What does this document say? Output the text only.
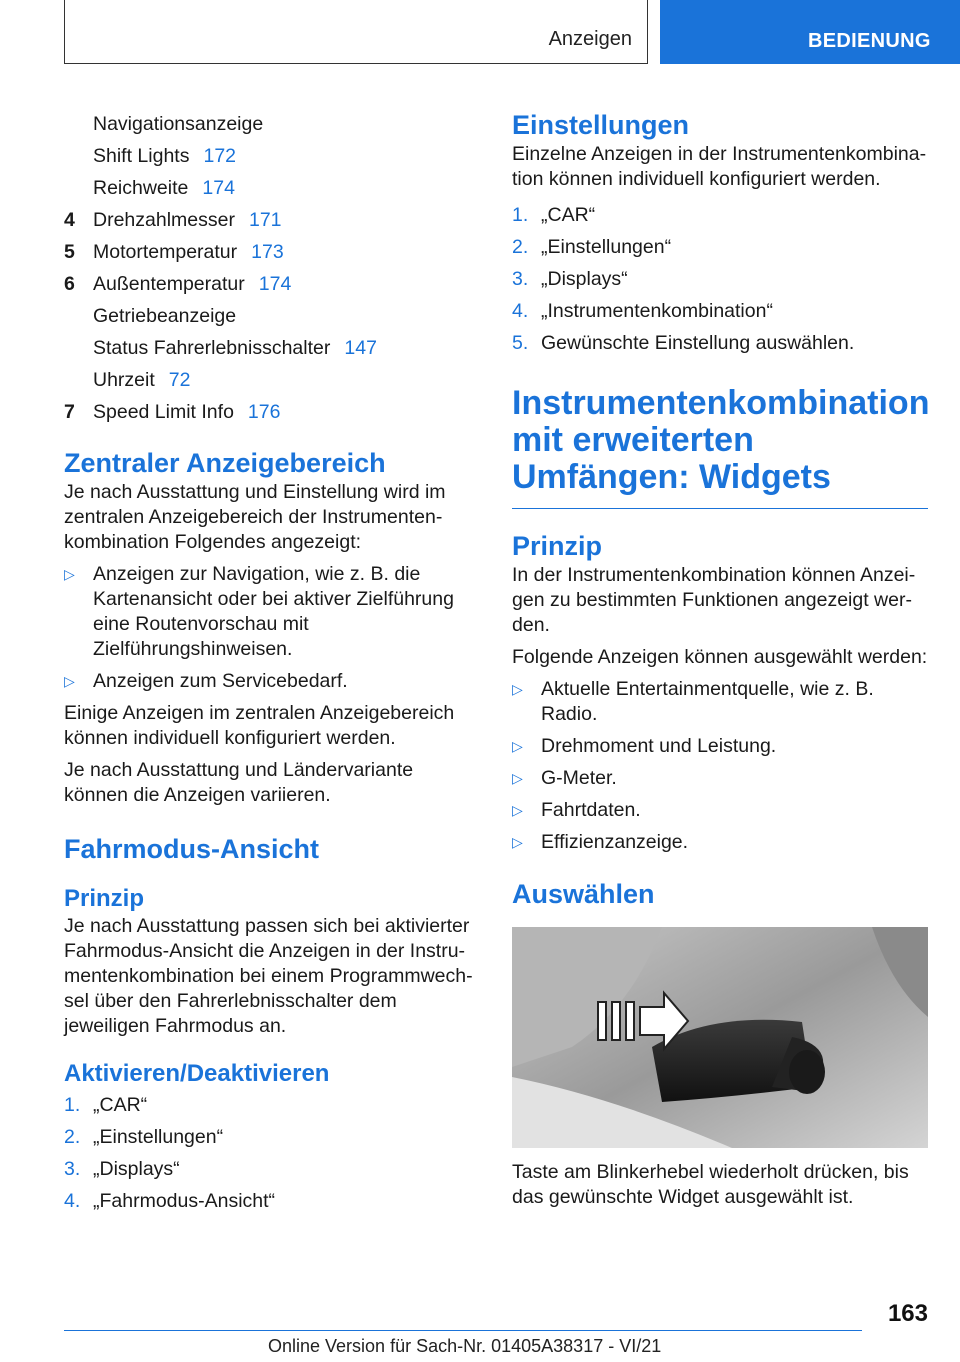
Anzeigen	BEDIENUNG
Navigationsanzeige
Shift Lights 172
Reichweite 174
4 Drehzahlmesser 171
5 Motortemperatur 173
6 Außentemperatur 174
Getriebeanzeige
Status Fahrerlebnisschalter 147
Uhrzeit 72
7 Speed Limit Info 176
Zentraler Anzeigebereich

Je nach Ausstattung und Einstellung wird im zentralen Anzeigebereich der Instrumentenkombination Folgendes angezeigt:

▷ Anzeigen zur Navigation, wie z. B. die Kartenansicht oder bei aktiver Zielführung eine Routenvorschau mit Zielführungshinweisen.
▷ Anzeigen zum Servicebedarf.

Einige Anzeigen im zentralen Anzeigebereich können individuell konfiguriert werden.

Je nach Ausstattung und Ländervariante können die Anzeigen variieren.

Fahrmodus-Ansicht
Prinzip

Je nach Ausstattung passen sich bei aktivierter Fahrmodus-Ansicht die Anzeigen in der Instrumentenkombination bei einem Programmwechsel über den Fahrerlebnisschalter dem jeweiligen Fahrmodus an.

Aktivieren/Deaktivieren
1. „CAR“
2. „Einstellungen“
3. „Displays“
4. „Fahrmodus-Ansicht“
Einstellungen

Einzelne Anzeigen in der Instrumentenkombination können individuell konfiguriert werden.

1. „CAR“
2. „Einstellungen“
3. „Displays“
4. „Instrumentenkombination“
5. Gewünschte Einstellung auswählen.
Instrumentenkombination mit erweiterten Umfängen: Widgets
Prinzip

In der Instrumentenkombination können Anzeigen zu bestimmten Funktionen angezeigt werden.

Folgende Anzeigen können ausgewählt werden:

▷ Aktuelle Entertainmentquelle, wie z. B. Radio.
▷ Drehmoment und Leistung.
▷ G-Meter.
▷ Fahrtdaten.
▷ Effizienzanzeige.
Auswählen

Taste am Blinkerhebel wiederholt drücken, bis das gewünschte Widget ausgewählt ist.

163
Online Version für Sach-Nr. 01405A38317 - VI/21
